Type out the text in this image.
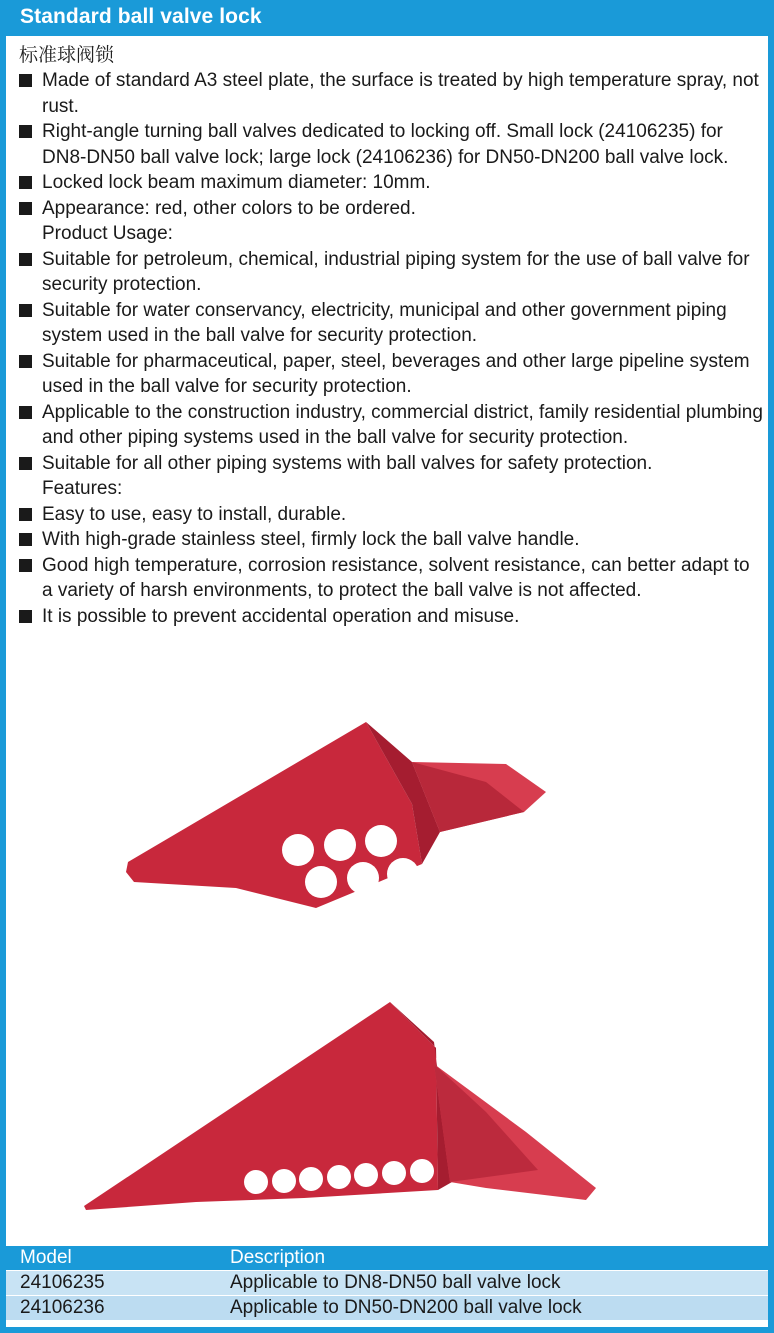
Standard ball valve lock
标准球阀锁
Made of standard A3 steel plate, the surface is treated by high temperature spray, not rust.
Right-angle turning ball valves dedicated to locking off. Small lock (24106235) for DN8-DN50 ball valve lock; large lock (24106236) for DN50-DN200 ball valve lock.
Locked lock beam maximum diameter: 10mm.
Appearance: red, other colors to be ordered.
Product Usage:
Suitable for petroleum, chemical, industrial piping system for the use of ball valve for security protection.
Suitable for water conservancy, electricity, municipal and other government piping system used in the ball valve for security protection.
Suitable for pharmaceutical, paper, steel, beverages and other large pipeline system used in the ball valve for security protection.
Applicable to the construction industry, commercial district, family residential plumbing and other piping systems used in the ball valve for security protection.
Suitable for all other piping systems with ball valves for safety protection.
Features:
Easy to use, easy to install, durable.
With high-grade stainless steel, firmly lock the ball valve handle.
Good high temperature, corrosion resistance, solvent resistance, can better adapt to a variety of harsh environments, to protect the ball valve is not affected.
It is possible to prevent accidental operation and misuse.
Model	Description
24106235	Applicable to DN8-DN50 ball valve lock
24106236	Applicable to DN50-DN200 ball valve lock
